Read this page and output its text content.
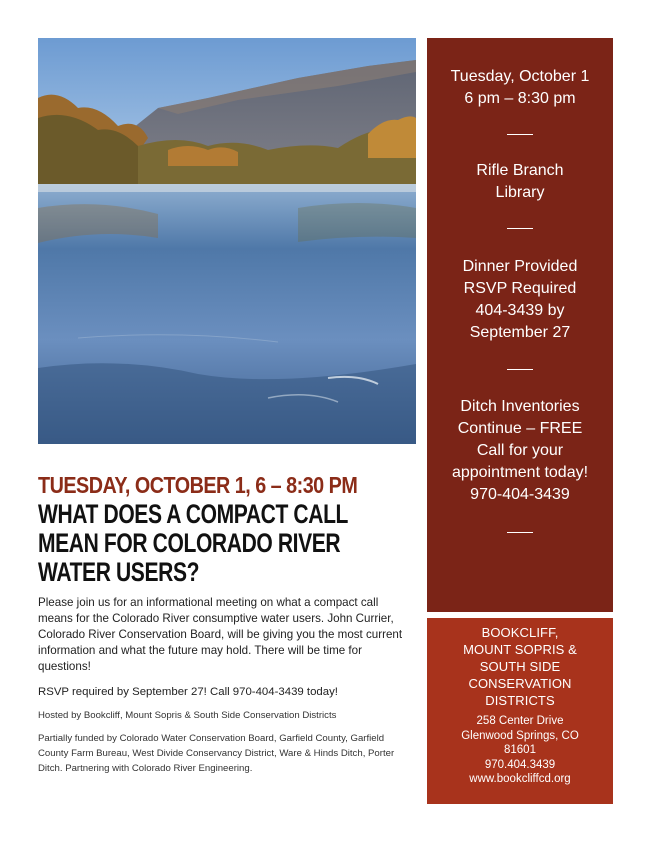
TUESDAY, OCTOBER 1, 6 – 8:30 PM
WHAT DOES A COMPACT CALL
MEAN FOR COLORADO RIVER
WATER USERS?

Please join us for an informational meeting on what a compact call means for the Colorado River consumptive water users. John Currier, Colorado River Conservation Board, will be giving you the most current information and what the future may hold. There will be time for questions!

RSVP required by September 27! Call 970-404-3439 today!

Hosted by Bookcliff, Mount Sopris & South Side Conservation Districts

Partially funded by Colorado Water Conservation Board, Garfield County, Garfield County Farm Bureau, West Divide Conservancy District, Ware & Hinds Ditch, Porter Ditch. Partnering with Colorado River Engineering.

Tuesday, October 1
6 pm – 8:30 pm
Rifle Branch
Library
Dinner Provided
RSVP Required
404-3439 by
September 27
Ditch Inventories
Continue – FREE
Call for your
appointment today!
970-404-3439
BOOKCLIFF,
MOUNT SOPRIS &
SOUTH SIDE
CONSERVATION
DISTRICTS
258 Center Drive
Glenwood Springs, CO
81601
970.404.3439
www.bookcliffcd.org
